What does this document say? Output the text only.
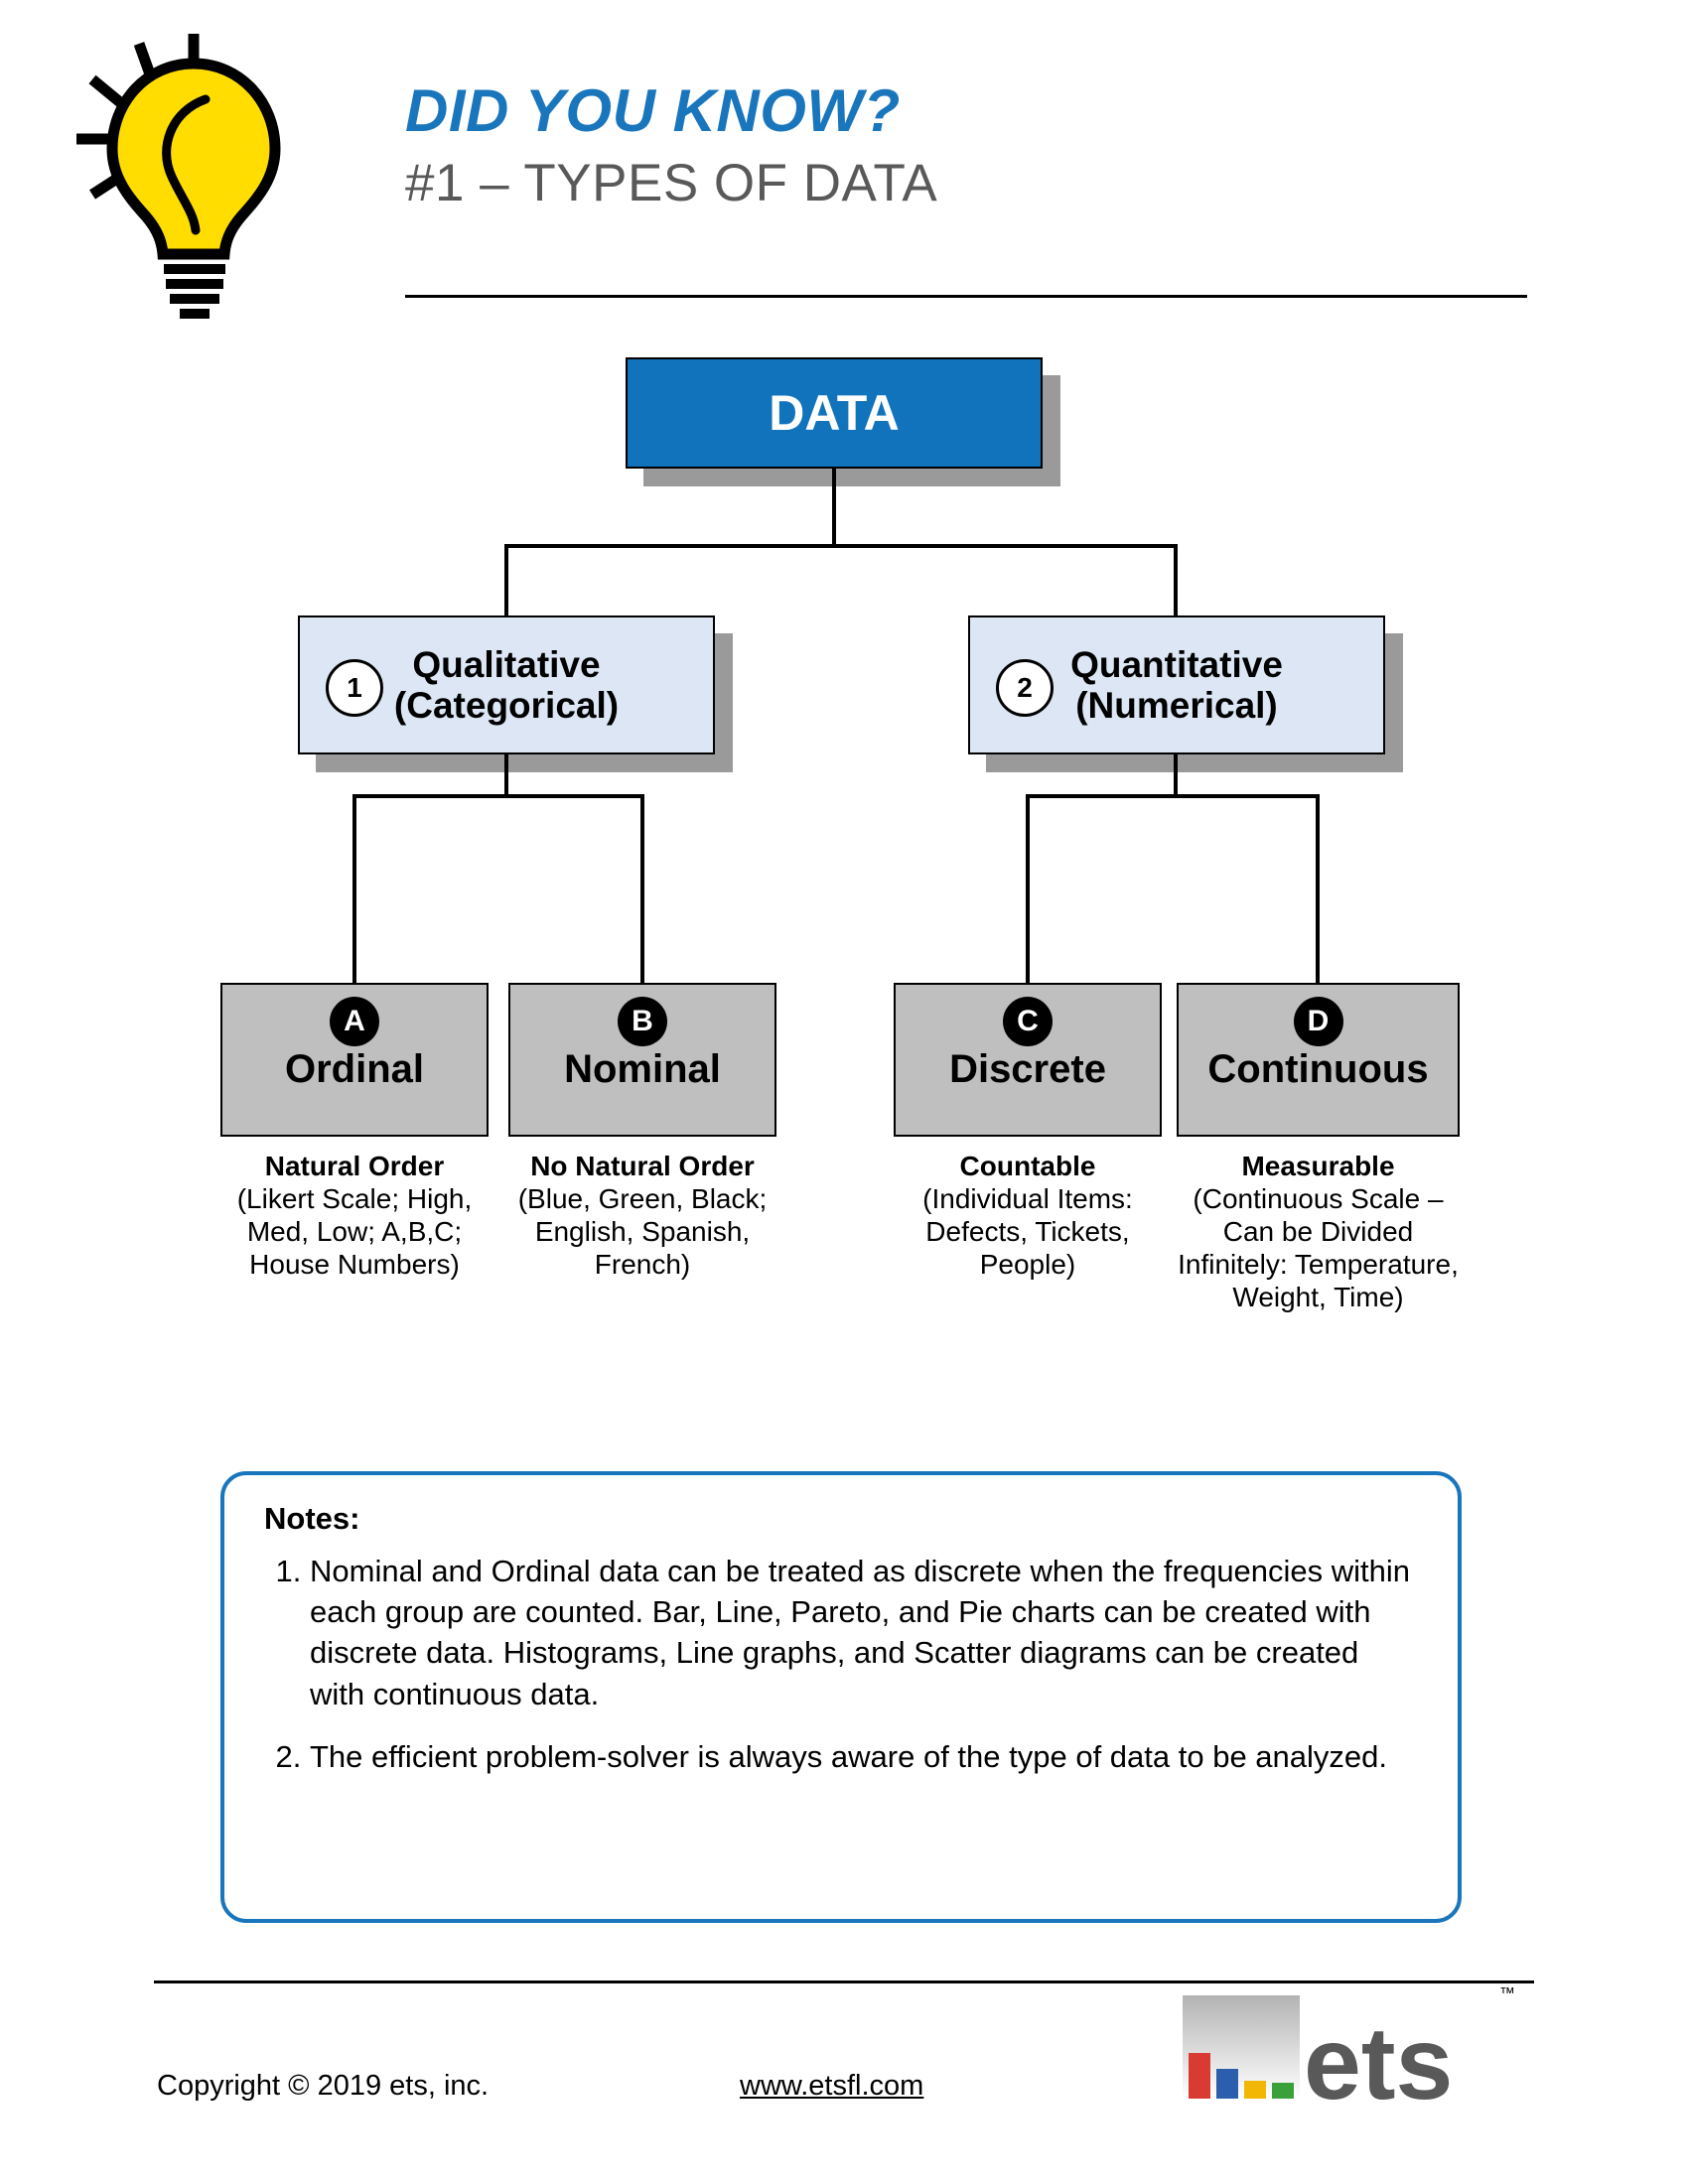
DID YOU KNOW?
#1 – TYPES OF DATA
DATA
Qualitative
(Categorical)
1
Quantitative
(Numerical)
2
A
Ordinal
B
Nominal
C
Discrete
D
Continuous
Natural Order
(Likert Scale; High, Med, Low; A,B,C; House Numbers)
No Natural Order
(Blue, Green, Black; English, Spanish, French)
Countable
(Individual Items: Defects, Tickets, People)
Measurable
(Continuous Scale – Can be Divided Infinitely: Temperature, Weight, Time)
Notes:
1. Nominal and Ordinal data can be treated as discrete when the frequencies within each group are counted. Bar, Line, Pareto, and Pie charts can be created with discrete data. Histograms, Line graphs, and Scatter diagrams can be created with continuous data.
2. The efficient problem-solver is always aware of the type of data to be analyzed.
Copyright © 2019 ets, inc.	www.etsfl.com	ets
™
